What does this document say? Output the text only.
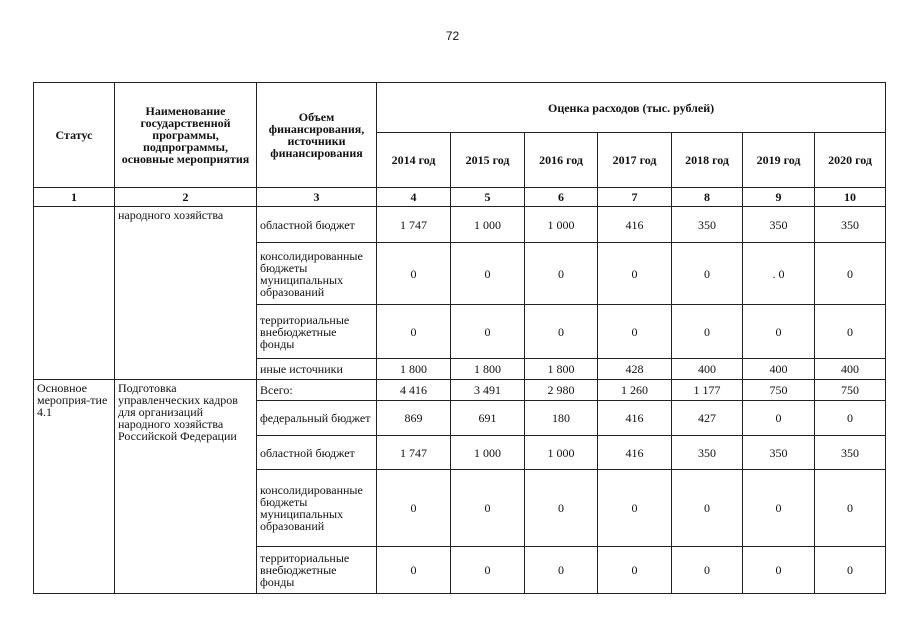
72
Статус	Наименование государственной программы, подпрограммы, основные мероприятия	Объем финансирования, источники финансирования	Оценка расходов (тыс. рублей)						
			2014 год	2015 год	2016 год	2017 год	2018 год	2019 год	2020 год
1	2	3	4	5	6	7	8	9	10
	народного хозяйства	областной бюджет	1 747	1 000	1 000	416	350	350	350
		консолидированные бюджеты муниципальных образований	0	0	0	0	0	. 0	0
		территориальные внебюджетные фонды	0	0	0	0	0	0	0
		иные источники	1 800	1 800	1 800	428	400	400	400
Основное мероприя-тие 4.1	Подготовка управленческих кадров для организаций народного хозяйства Российской Федерации	Всего:	4 416	3 491	2 980	1 260	1 177	750	750
		федеральный бюджет	869	691	180	416	427	0	0
		областной бюджет	1 747	1 000	1 000	416	350	350	350
		консолидированные бюджеты муниципальных образований	0	0	0	0	0	0	0
		территориальные внебюджетные фонды	0	0	0	0	0	0	0
